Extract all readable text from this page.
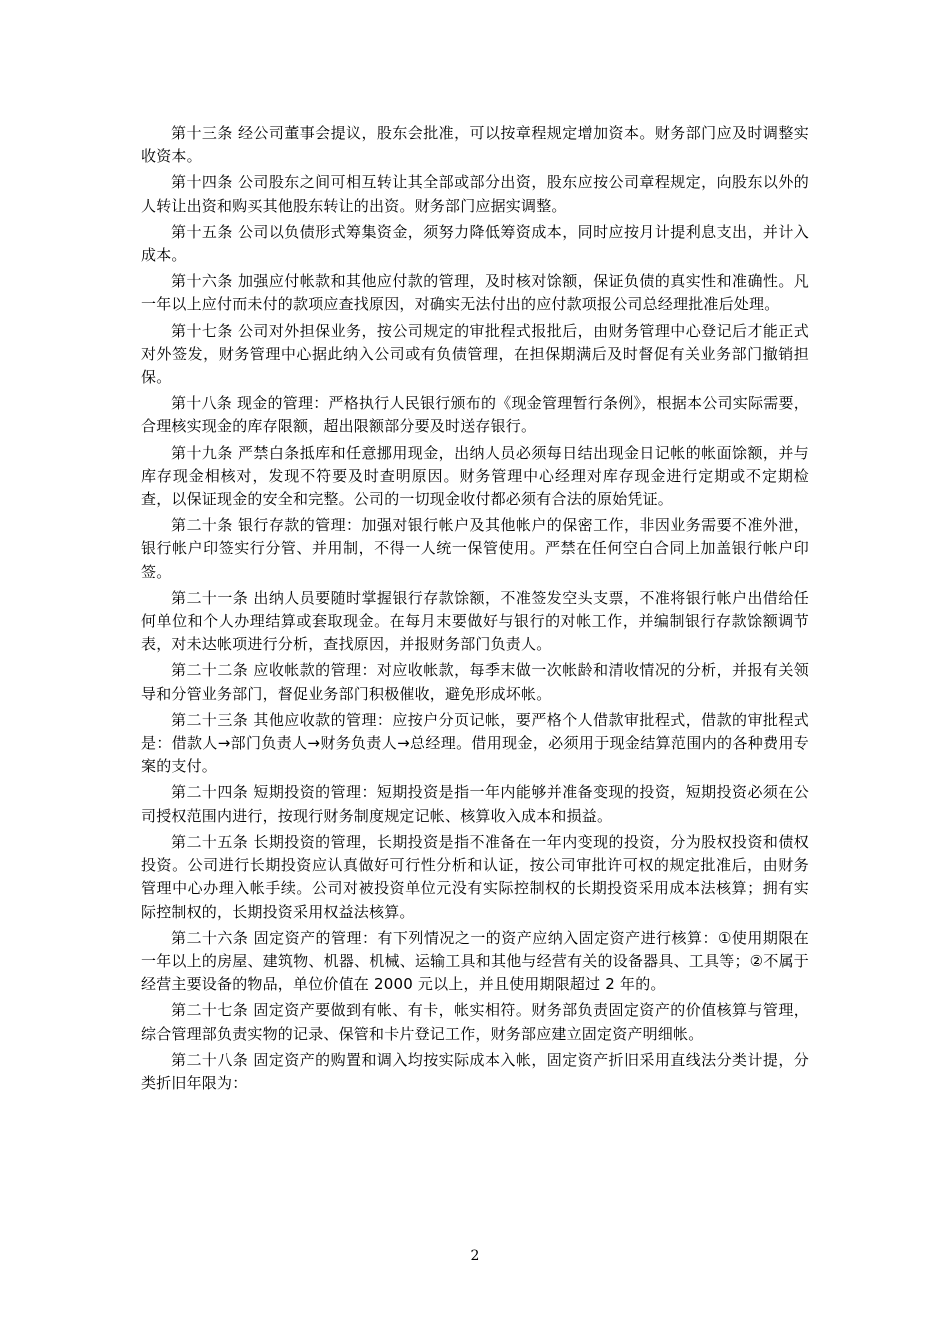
第十三条 经公司董事会提议，股东会批准，可以按章程规定增加资本。财务部门应及时调整实收资本。

第十四条 公司股东之间可相互转让其全部或部分出资，股东应按公司章程规定，向股东以外的人转让出资和购买其他股东转让的出资。财务部门应据实调整。

第十五条 公司以负债形式筹集资金，须努力降低筹资成本，同时应按月计提利息支出，并计入成本。

第十六条 加强应付帐款和其他应付款的管理，及时核对馀额，保证负债的真实性和准确性。凡一年以上应付而未付的款项应查找原因，对确实无法付出的应付款项报公司总经理批准后处理。

第十七条 公司对外担保业务，按公司规定的审批程式报批后，由财务管理中心登记后才能正式对外签发，财务管理中心据此纳入公司或有负债管理，在担保期满后及时督促有关业务部门撤销担保。

第十八条 现金的管理：严格执行人民银行颁布的《现金管理暂行条例》，根据本公司实际需要，合理核实现金的库存限额，超出限额部分要及时送存银行。

第十九条 严禁白条抵库和任意挪用现金，出纳人员必须每日结出现金日记帐的帐面馀额，并与库存现金相核对，发现不符要及时查明原因。财务管理中心经理对库存现金进行定期或不定期检查，以保证现金的安全和完整。公司的一切现金收付都必须有合法的原始凭证。

第二十条 银行存款的管理：加强对银行帐户及其他帐户的保密工作，非因业务需要不准外泄，银行帐户印签实行分管、并用制，不得一人统一保管使用。严禁在任何空白合同上加盖银行帐户印签。

第二十一条 出纳人员要随时掌握银行存款馀额，不准签发空头支票，不准将银行帐户出借给任何单位和个人办理结算或套取现金。在每月末要做好与银行的对帐工作，并编制银行存款馀额调节表，对未达帐项进行分析，查找原因，并报财务部门负责人。

第二十二条 应收帐款的管理：对应收帐款，每季末做一次帐龄和清收情况的分析，并报有关领导和分管业务部门，督促业务部门积极催收，避免形成坏帐。

第二十三条 其他应收款的管理：应按户分页记帐，要严格个人借款审批程式，借款的审批程式是：借款人→部门负责人→财务负责人→总经理。借用现金，必须用于现金结算范围内的各种费用专案的支付。

第二十四条 短期投资的管理：短期投资是指一年内能够并准备变现的投资，短期投资必须在公司授权范围内进行，按现行财务制度规定记帐、核算收入成本和损益。

第二十五条 长期投资的管理，长期投资是指不准备在一年内变现的投资，分为股权投资和债权投资。公司进行长期投资应认真做好可行性分析和认证，按公司审批许可权的规定批准后，由财务管理中心办理入帐手续。公司对被投资单位元没有实际控制权的长期投资采用成本法核算；拥有实际控制权的，长期投资采用权益法核算。

第二十六条 固定资产的管理：有下列情况之一的资产应纳入固定资产进行核算：①使用期限在一年以上的房屋、建筑物、机器、机械、运输工具和其他与经营有关的设备器具、工具等；②不属于经营主要设备的物品，单位价值在 2000 元以上，并且使用期限超过 2 年的。

第二十七条 固定资产要做到有帐、有卡，帐实相符。财务部负责固定资产的价值核算与管理，综合管理部负责实物的记录、保管和卡片登记工作，财务部应建立固定资产明细帐。

第二十八条 固定资产的购置和调入均按实际成本入帐，固定资产折旧采用直线法分类计提，分类折旧年限为：

2
